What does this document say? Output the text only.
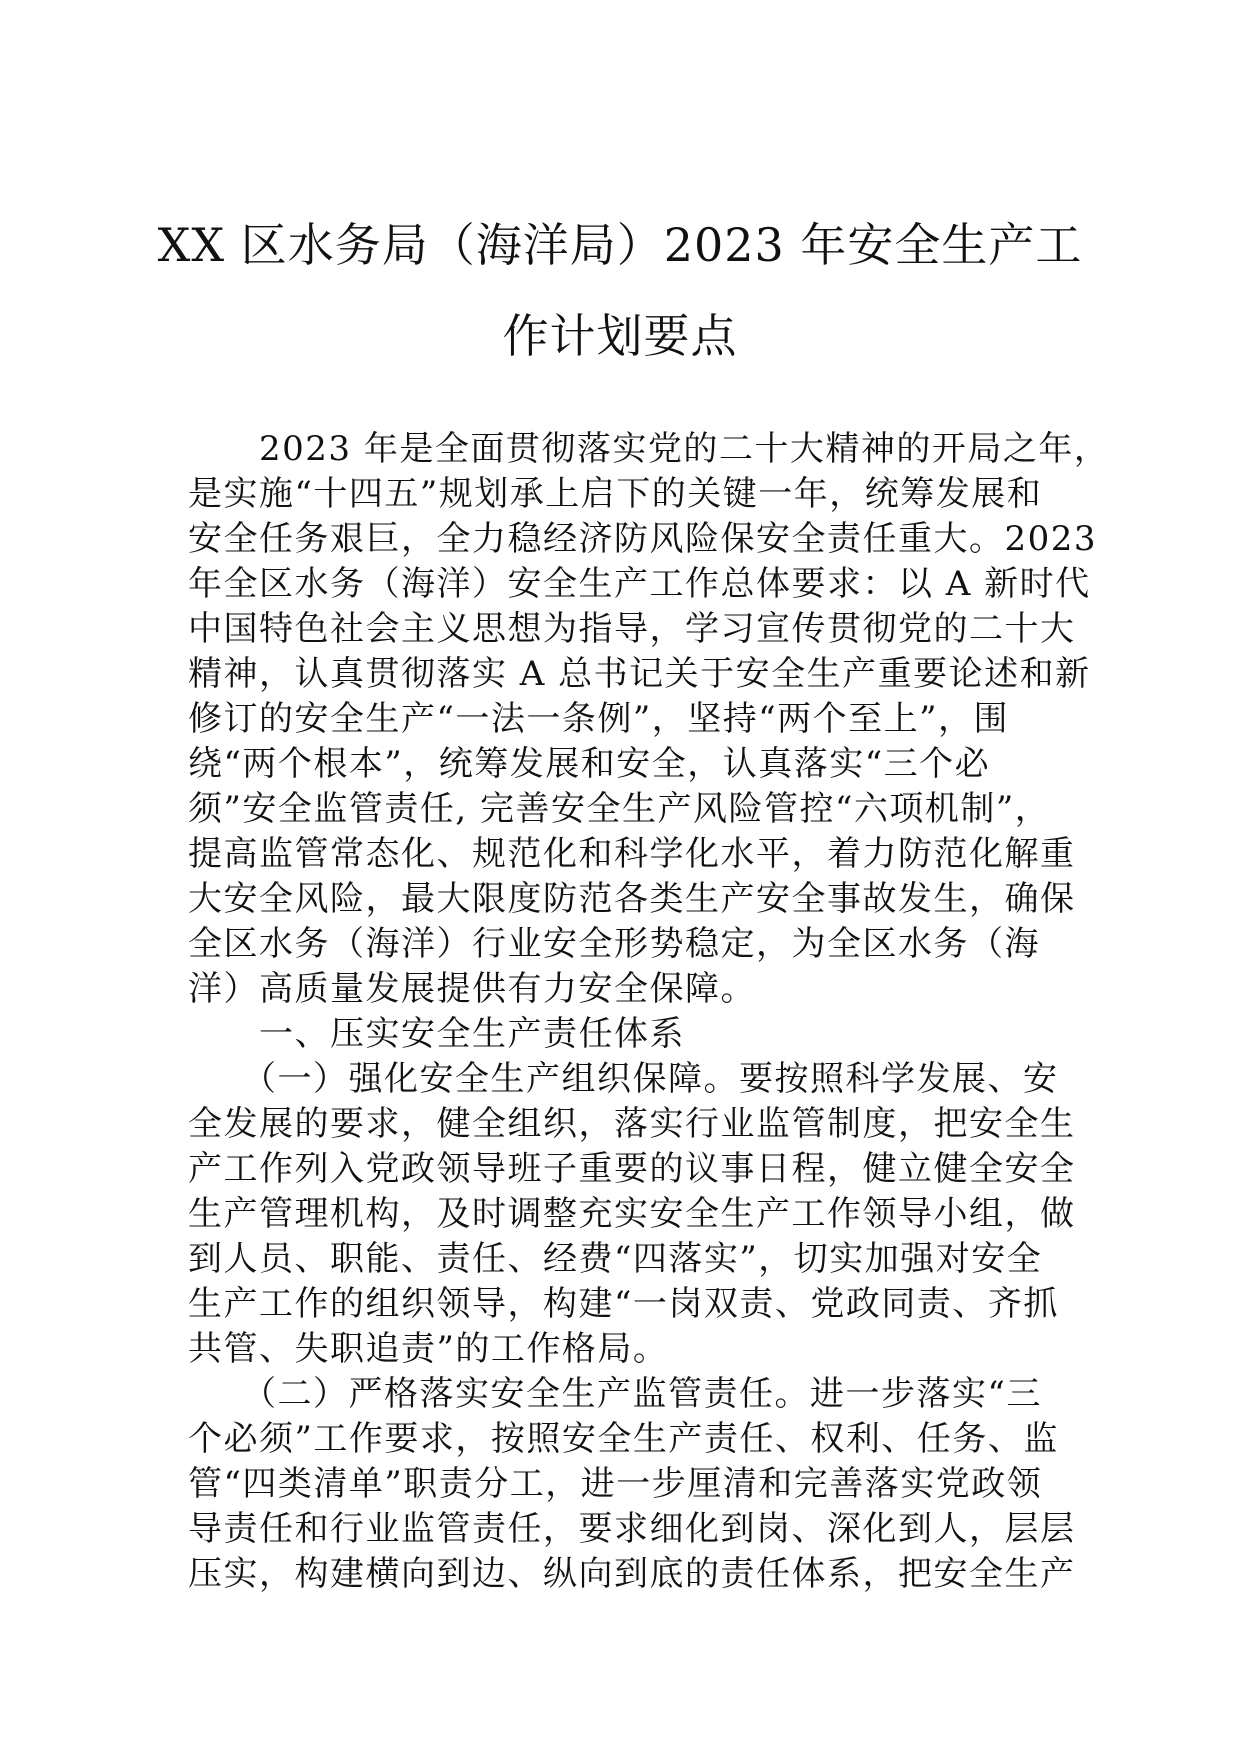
XX 区水务局（海洋局）2023 年安全生产工
作计划要点
　　2023 年是全面贯彻落实党的二十大精神的开局之年，
是实施“十四五”规划承上启下的关键一年，统筹发展和
安全任务艰巨，全力稳经济防风险保安全责任重大。2023
年全区水务（海洋）安全生产工作总体要求：以 A 新时代
中国特色社会主义思想为指导，学习宣传贯彻党的二十大
精神，认真贯彻落实 A 总书记关于安全生产重要论述和新
修订的安全生产“一法一条例”，坚持“两个至上”，围
绕“两个根本”，统筹发展和安全，认真落实“三个必
须”安全监管责任, 完善安全生产风险管控“六项机制”，
提高监管常态化、规范化和科学化水平，着力防范化解重
大安全风险，最大限度防范各类生产安全事故发生，确保
全区水务（海洋）行业安全形势稳定，为全区水务（海
洋）高质量发展提供有力安全保障。
　　一、压实安全生产责任体系
　　（一）强化安全生产组织保障。要按照科学发展、安
全发展的要求，健全组织，落实行业监管制度，把安全生
产工作列入党政领导班子重要的议事日程，健立健全安全
生产管理机构，及时调整充实安全生产工作领导小组，做
到人员、职能、责任、经费“四落实”，切实加强对安全
生产工作的组织领导，构建“一岗双责、党政同责、齐抓
共管、失职追责”的工作格局。
　　（二）严格落实安全生产监管责任。进一步落实“三
个必须”工作要求，按照安全生产责任、权利、任务、监
管“四类清单”职责分工，进一步厘清和完善落实党政领
导责任和行业监管责任，要求细化到岗、深化到人，层层
压实，构建横向到边、纵向到底的责任体系，把安全生产
